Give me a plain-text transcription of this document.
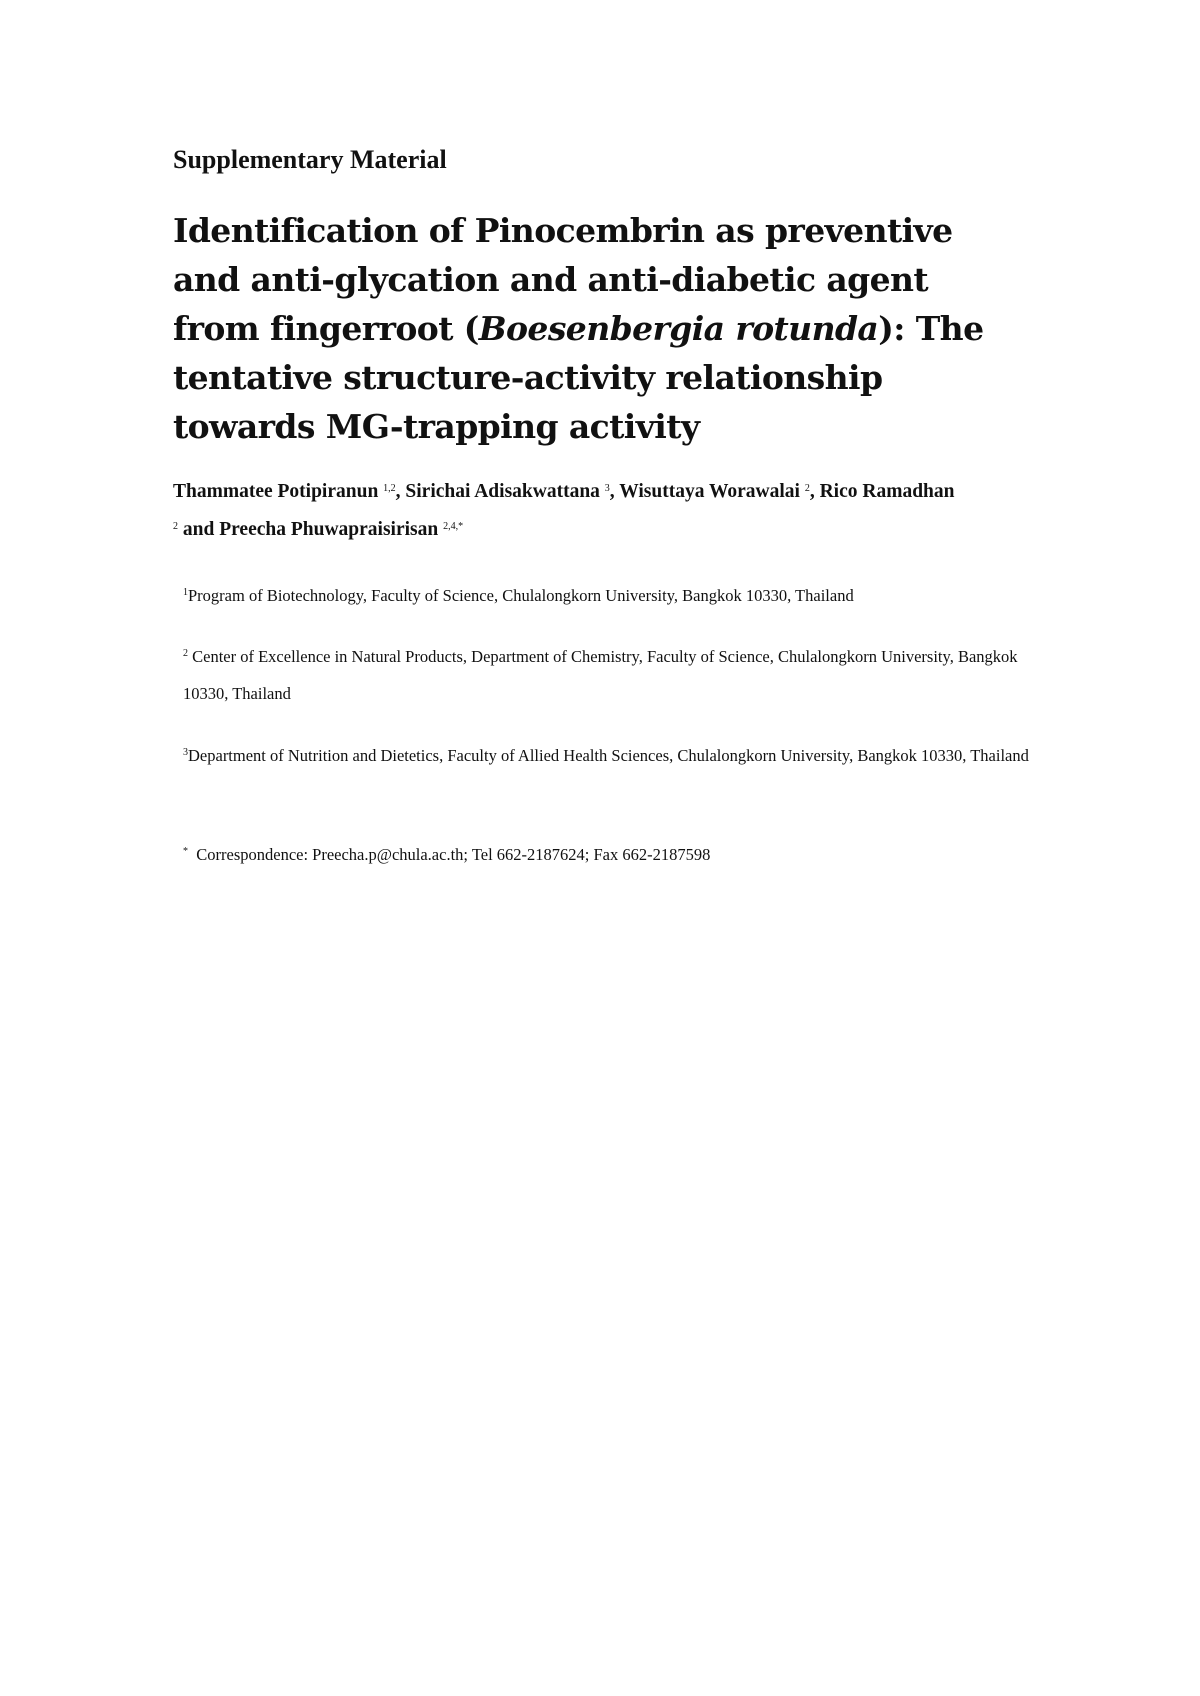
Supplementary Material

Identification of Pinocembrin as preventive and anti-glycation and anti-diabetic agent from fingerroot (Boesenbergia rotunda): The tentative structure-activity relationship towards MG-trapping activity

Thammatee Potipiranun $^{1,2}$, Sirichai Adisakwattana $^3$, Wisuttaya Worawalai $^2$, Rico Ramadhan
$^2$ and Preecha Phuwapraisirisan $^{2,4,*}$

$^1$Program of Biotechnology, Faculty of Science, Chulalongkorn University, Bangkok 10330, Thailand

$^2$ Center of Excellence in Natural Products, Department of Chemistry, Faculty of Science, Chulalongkorn University, Bangkok 10330, Thailand

$^3$Department of Nutrition and Dietetics, Faculty of Allied Health Sciences, Chulalongkorn University, Bangkok 10330, Thailand

* Correspondence: Preecha.p@chula.ac.th; Tel 662-2187624; Fax 662-2187598
